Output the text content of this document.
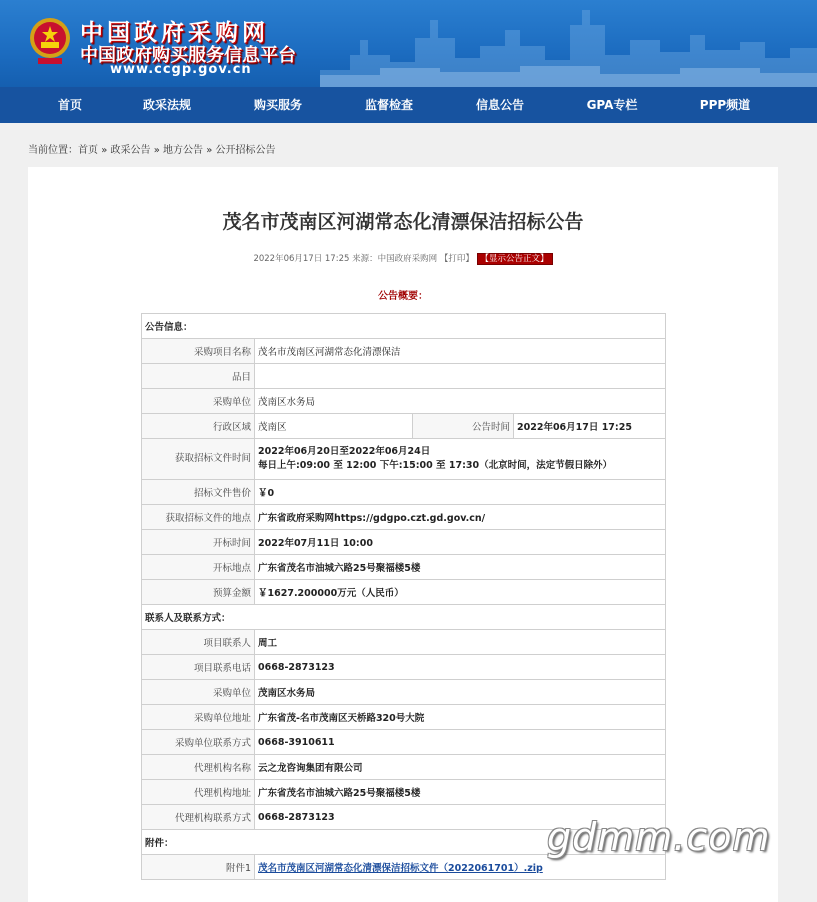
中国政府采购网
中国政府购买服务信息平台
www.ccgp.gov.cn
首页	政采法规	购买服务	监督检查	信息公告	GPA专栏	PPP频道
当前位置：首页 » 政采公告 » 地方公告 » 公开招标公告
茂名市茂南区河湖常态化清漂保洁招标公告
2022年06月17日 17:25 来源：中国政府采购网 【打印】 【显示公告正文】
公告概要：
公告信息：			
采购项目名称	茂名市茂南区河湖常态化清漂保洁		
品目			
采购单位	茂南区水务局		
行政区域	茂南区	公告时间	2022年06月17日 17:25
获取招标文件时间	2022年06月20日至2022年06月24日
每日上午:09:00 至 12:00 下午:15:00 至 17:30（北京时间，法定节假日除外）		

招标文件售价	￥0		
获取招标文件的地点	广东省政府采购网https://gdgpo.czt.gd.gov.cn/		
开标时间	2022年07月11日 10:00		
开标地点	广东省茂名市油城六路25号聚福楼5楼		
预算金额	￥1627.200000万元（人民币）		
联系人及联系方式：			
项目联系人	周工		
项目联系电话	0668-2873123		
采购单位	茂南区水务局		
采购单位地址	广东省茂-名市茂南区天桥路320号大院		
采购单位联系方式	0668-3910611		
代理机构名称	云之龙咨询集团有限公司		
代理机构地址	广东省茂名市油城六路25号聚福楼5楼		
代理机构联系方式	0668-2873123		
附件：			
附件1	茂名市茂南区河湖常态化清漂保洁招标文件（2022061701）.zip		
gdmm.com
